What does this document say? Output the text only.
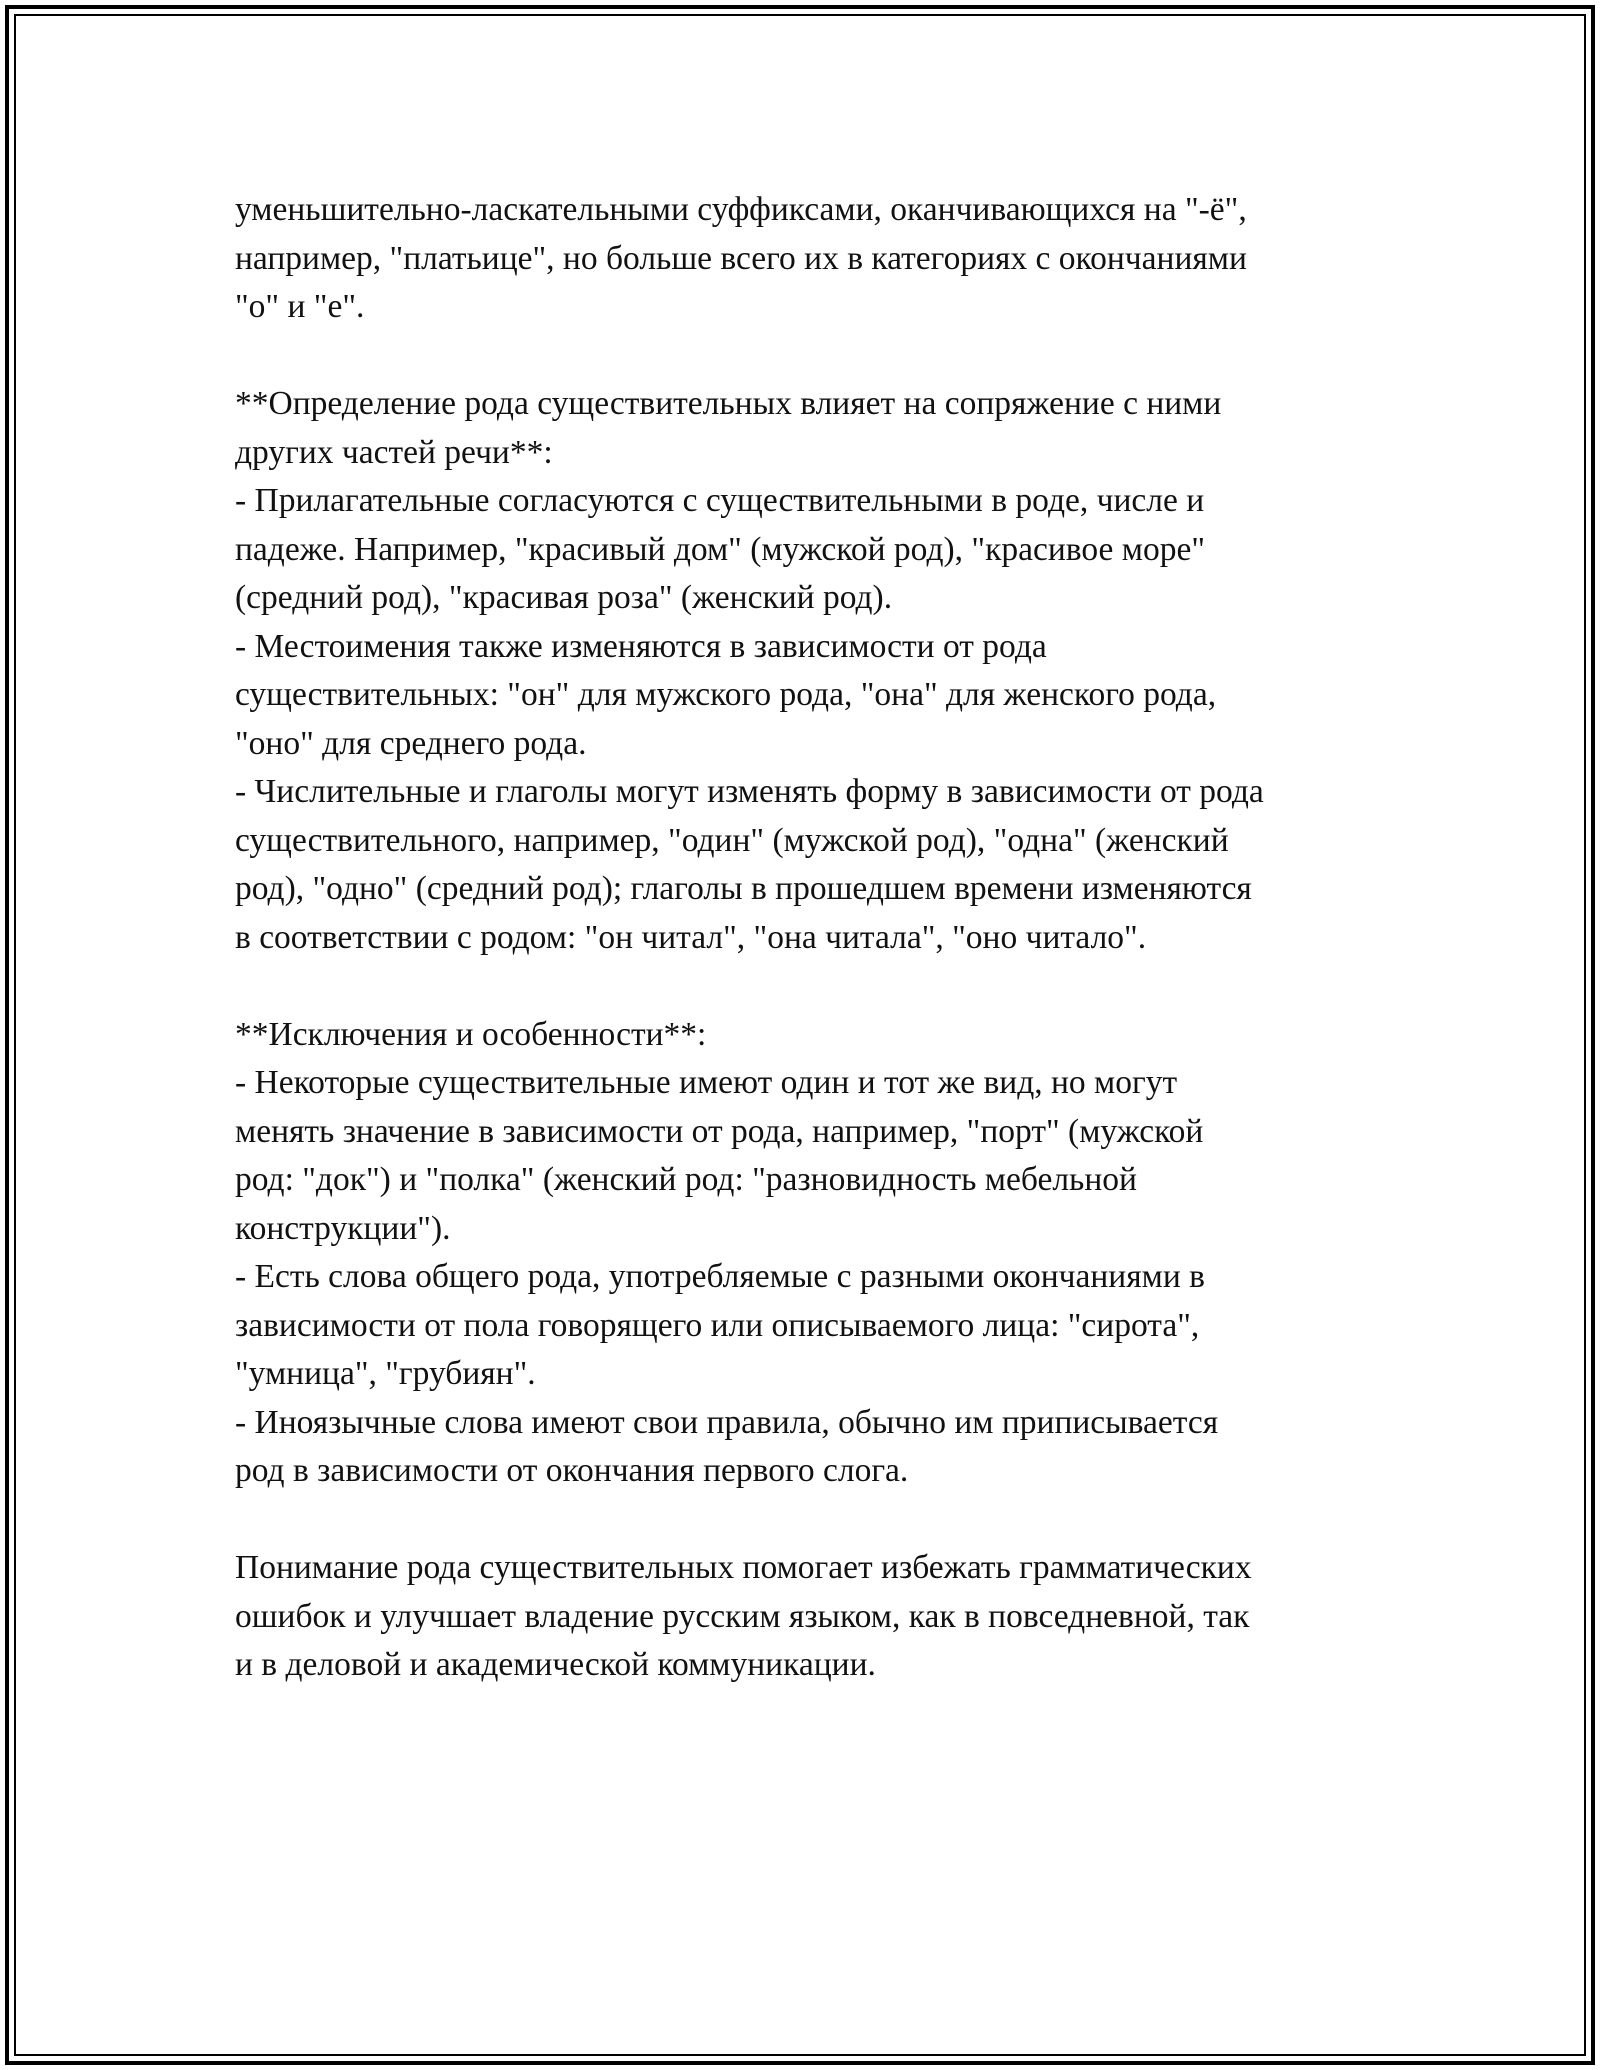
уменьшительно-ласкательными суффиксами, оканчивающихся на "-ё",
например, "платьице", но больше всего их в категориях с окончаниями
"о" и "е".
**Определение рода существительных влияет на сопряжение с ними
других частей речи**:
- Прилагательные согласуются с существительными в роде, числе и
падеже. Например, "красивый дом" (мужской род), "красивое море"
(средний род), "красивая роза" (женский род).
- Местоимения также изменяются в зависимости от рода
существительных: "он" для мужского рода, "она" для женского рода,
"оно" для среднего рода.
- Числительные и глаголы могут изменять форму в зависимости от рода
существительного, например, "один" (мужской род), "одна" (женский
род), "одно" (средний род); глаголы в прошедшем времени изменяются
в соответствии с родом: "он читал", "она читала", "оно читало".
**Исключения и особенности**:
- Некоторые существительные имеют один и тот же вид, но могут
менять значение в зависимости от рода, например, "порт" (мужской
род: "док") и "полка" (женский род: "разновидность мебельной
конструкции").
- Есть слова общего рода, употребляемые с разными окончаниями в
зависимости от пола говорящего или описываемого лица: "сирота",
"умница", "грубиян".
- Иноязычные слова имеют свои правила, обычно им приписывается
род в зависимости от окончания первого слога.
Понимание рода существительных помогает избежать грамматических
ошибок и улучшает владение русским языком, как в повседневной, так
и в деловой и академической коммуникации.
